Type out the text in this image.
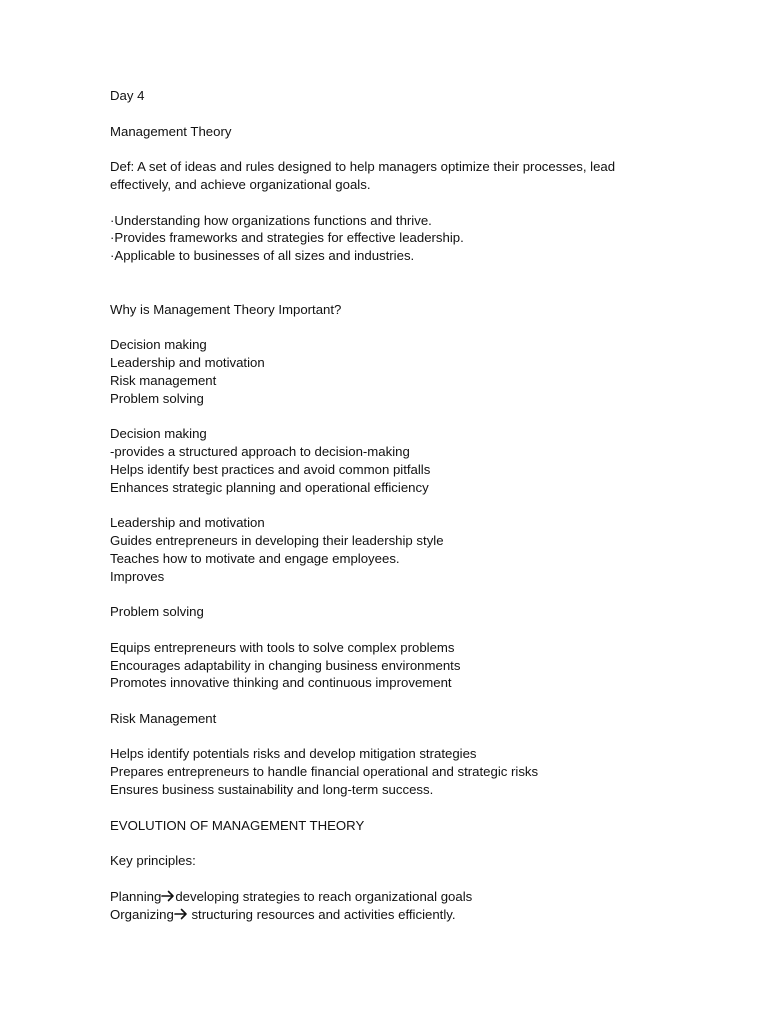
Day 4
Management Theory
Def: A set of ideas and rules designed to help managers optimize their processes, lead
effectively, and achieve organizational goals.
·Understanding how organizations functions and thrive.
·Provides frameworks and strategies for effective leadership.
·Applicable to businesses of all sizes and industries.
Why is Management Theory Important?
Decision making
Leadership and motivation
Risk management
Problem solving
Decision making
-provides a structured approach to decision-making
Helps identify best practices and avoid common pitfalls
Enhances strategic planning and operational efficiency
Leadership and motivation
Guides entrepreneurs in developing their leadership style
Teaches how to motivate and engage employees.
Improves
Problem solving
Equips entrepreneurs with tools to solve complex problems
Encourages adaptability in changing business environments
Promotes innovative thinking and continuous improvement
Risk Management
Helps identify potentials risks and develop mitigation strategies
Prepares entrepreneurs to handle financial operational and strategic risks
Ensures business sustainability and long-term success.
EVOLUTION OF MANAGEMENT THEORY
Key principles:
Planning developing strategies to reach organizational goals
Organizing structuring resources and activities efficiently.
